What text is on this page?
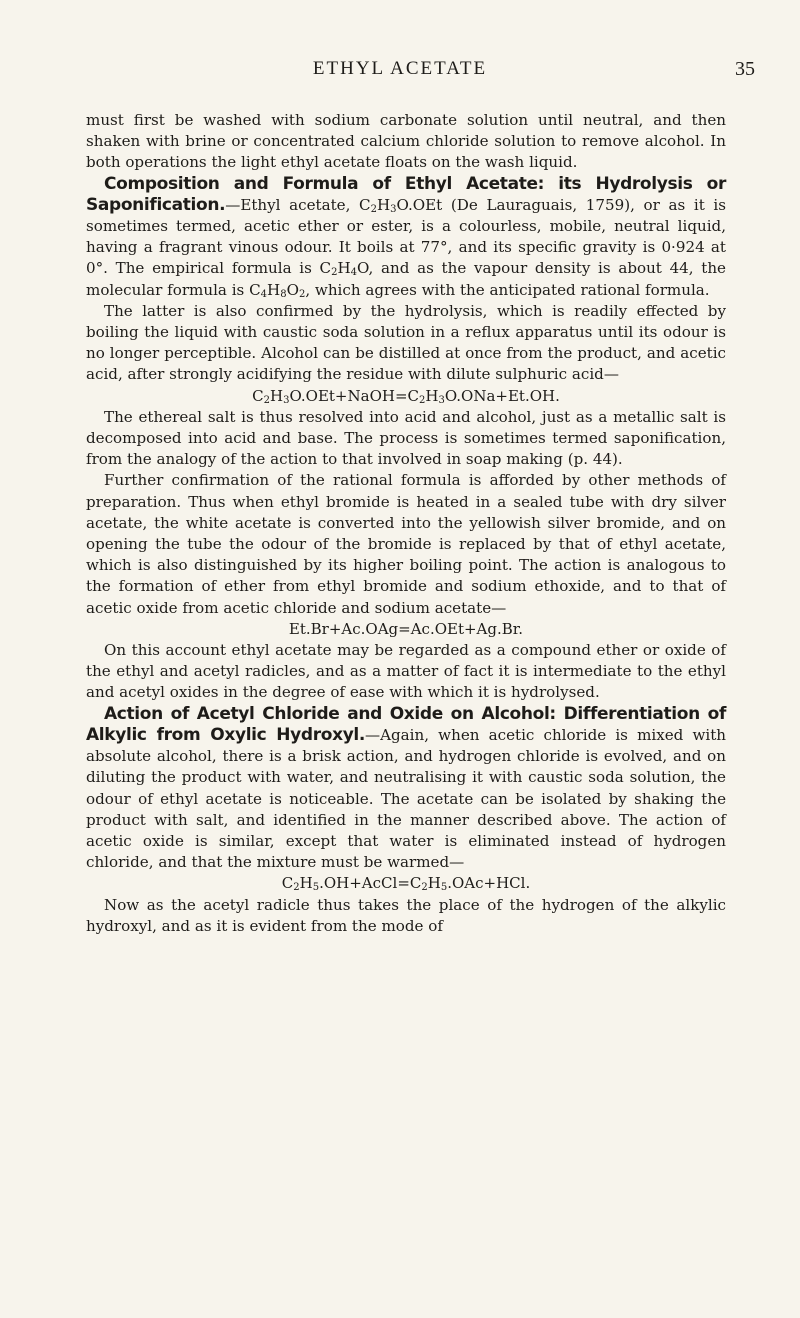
ETHYL ACETATE	35

must first be washed with sodium carbonate solution until neutral, and then shaken with brine or concentrated calcium chloride solution to remove alcohol. In both operations the light ethyl acetate floats on the wash liquid.

Composition and Formula of Ethyl Acetate: its Hydrolysis or Saponification.—Ethyl acetate, $C_2H_3O.OEt$ (De Lauraguais, 1759), or as it is sometimes termed, acetic ether or ester, is a colourless, mobile, neutral liquid, having a fragrant vinous odour. It boils at 77°, and its specific gravity is 0·924 at 0°. The empirical formula is $C_2H_4O$, and as the vapour density is about 44, the molecular formula is $C_4H_8O_2$, which agrees with the anticipated rational formula.

The latter is also confirmed by the hydrolysis, which is readily effected by boiling the liquid with caustic soda solution in a reflux apparatus until its odour is no longer perceptible. Alcohol can be distilled at once from the product, and acetic acid, after strongly acidifying the residue with dilute sulphuric acid—

$C_2H_3O.OEt+NaOH=C_2H_3O.ONa+Et.OH$.

The ethereal salt is thus resolved into acid and alcohol, just as a metallic salt is decomposed into acid and base. The process is sometimes termed saponification, from the analogy of the action to that involved in soap making (p. 44).

Further confirmation of the rational formula is afforded by other methods of preparation. Thus when ethyl bromide is heated in a sealed tube with dry silver acetate, the white acetate is converted into the yellowish silver bromide, and on opening the tube the odour of the bromide is replaced by that of ethyl acetate, which is also distinguished by its higher boiling point. The action is analogous to the formation of ether from ethyl bromide and sodium ethoxide, and to that of acetic oxide from acetic chloride and sodium acetate—

Et.Br+Ac.OAg=Ac.OEt+Ag.Br.

On this account ethyl acetate may be regarded as a compound ether or oxide of the ethyl and acetyl radicles, and as a matter of fact it is intermediate to the ethyl and acetyl oxides in the degree of ease with which it is hydrolysed.

Action of Acetyl Chloride and Oxide on Alcohol: Differentiation of Alkylic from Oxylic Hydroxyl.—Again, when acetic chloride is mixed with absolute alcohol, there is a brisk action, and hydrogen chloride is evolved, and on diluting the product with water, and neutralising it with caustic soda solution, the odour of ethyl acetate is noticeable. The acetate can be isolated by shaking the product with salt, and identified in the manner described above. The action of acetic oxide is similar, except that water is eliminated instead of hydrogen chloride, and that the mixture must be warmed—

$C_2H_5.OH+AcCl=C_2H_5.OAc+HCl$.

Now as the acetyl radicle thus takes the place of the hydrogen of the alkylic hydroxyl, and as it is evident from the mode of
